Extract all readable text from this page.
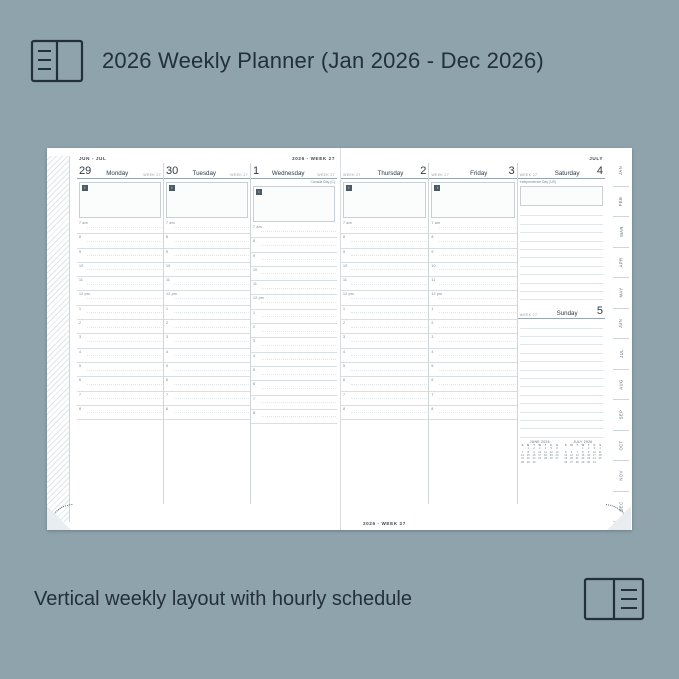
2026 Weekly Planner (Jan 2026 - Dec 2026)
JUN - JUL	2026 - WEEK 27
29 Monday	WEEK 27
i
7 am
8
9
10
11
12 pm
1
2
3
4
5
6
7
8
30 Tuesday	WEEK 27
i
7 am
8
9
10
11
12 pm
1
2
3
4
5
6
7
8
1 Wednesday	WEEK 27
Canada Day (C)
i
7 am
8
9
10
11
12 pm
1
2
3
4
5
6
7
8
JAN
FEB
MAR
APR
MAY
JUN
JUL
AUG
SEP
OCT
NOV
DEC
JULY
WEEK 27	Thursday 2
i
7 am
8
9
10
11
12 pm
1
2
3
4
5
6
7
8
WEEK 27	Friday 3
i
7 am
8
9
10
11
12 pm
1
2
3
4
5
6
7
8
WEEK 27	Saturday 4
Independence Day (US)
WEEK 27	Sunday 5
JUNE 2026
S	M	T	W	T	F	S
	1	2	3	4	5	6
7	8	9	10	11	12	13
14	15	16	17	18	19	20
21	22	23	24	25	26	27
28	29	30				
JULY 2026
S	M	T	W	T	F	S
			1	2	3	4
5	6	7	8	9	10	11
12	13	14	15	16	17	18
19	20	21	22	23	24	25
26	27	28	29	30	31	
2026 - WEEK 27
Vertical weekly layout with hourly schedule
